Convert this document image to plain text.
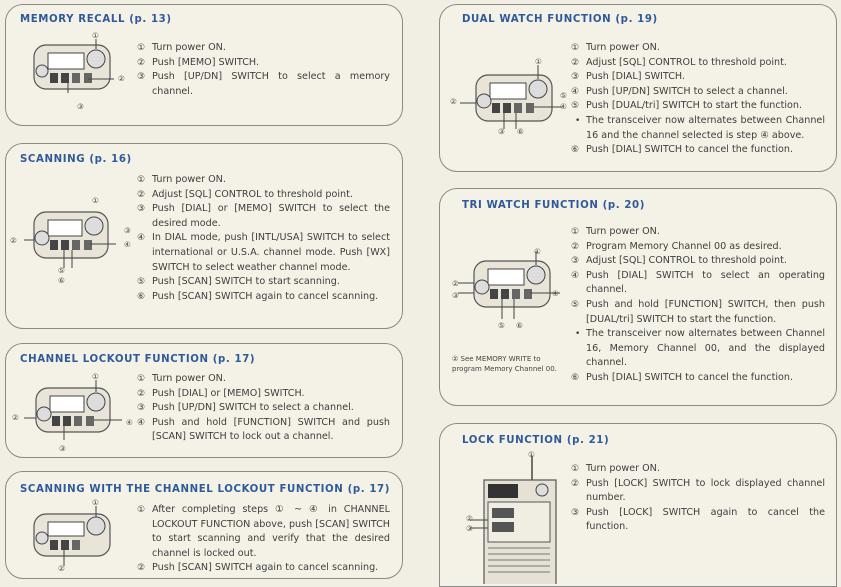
MEMORY RECALL (p. 13)
①
②
③
① Turn power ON.
② Push [MEMO] SWITCH.
③ Push [UP/DN] SWITCH to select a memory channel.
SCANNING (p. 16)
①
②
③
④
⑤
⑥
① Turn power ON.
② Adjust [SQL] CONTROL to threshold point.
③ Push [DIAL] or [MEMO] SWITCH to select the desired mode.
④ In DIAL mode, push [INTL/USA] SWITCH to select international or U.S.A. channel mode. Push [WX] SWITCH to select weather channel mode.
⑤ Push [SCAN] SWITCH to start scanning.
⑥ Push [SCAN] SWITCH again to cancel scanning.
CHANNEL LOCKOUT FUNCTION (p. 17)
①
②
③
④
① Turn power ON.
② Push [DIAL] or [MEMO] SWITCH.
③ Push [UP/DN] SWITCH to select a channel.
④ Push and hold [FUNCTION] SWITCH and push [SCAN] SWITCH to lock out a channel.
SCANNING WITH THE CHANNEL LOCKOUT FUNCTION (p. 17)
①
②
① After completing steps ① ~ ④ in CHANNEL LOCKOUT FUNCTION above, push [SCAN] SWITCH to start scanning and verify that the desired channel is locked out.
② Push [SCAN] SWITCH again to cancel scanning.
DUAL WATCH FUNCTION (p. 19)
①
②
③
④
⑤
⑥
① Turn power ON.
② Adjust [SQL] CONTROL to threshold point.
③ Push [DIAL] SWITCH.
④ Push [UP/DN] SWITCH to select a channel.
⑤ Push [DUAL/tri] SWITCH to start the function.
• The transceiver now alternates between Channel 16 and the channel selected is step ④ above.
⑥ Push [DIAL] SWITCH to cancel the function.
TRI WATCH FUNCTION (p. 20)
①
②
③	④
⑤ ⑥
② See MEMORY WRITE to program Memory Channel 00.
① Turn power ON.
② Program Memory Channel 00 as desired.
③ Adjust [SQL] CONTROL to threshold point.
④ Push [DIAL] SWITCH to select an operating channel.
⑤ Push and hold [FUNCTION] SWITCH, then push [DUAL/tri] SWITCH to start the function.
• The transceiver now alternates between Channel 16, Memory Channel 00, and the displayed channel.
⑥ Push [DIAL] SWITCH to cancel the function.
LOCK FUNCTION (p. 21)
①
②
③
① Turn power ON.
② Push [LOCK] SWITCH to lock displayed channel number.
③ Push [LOCK] SWITCH again to cancel the function.
